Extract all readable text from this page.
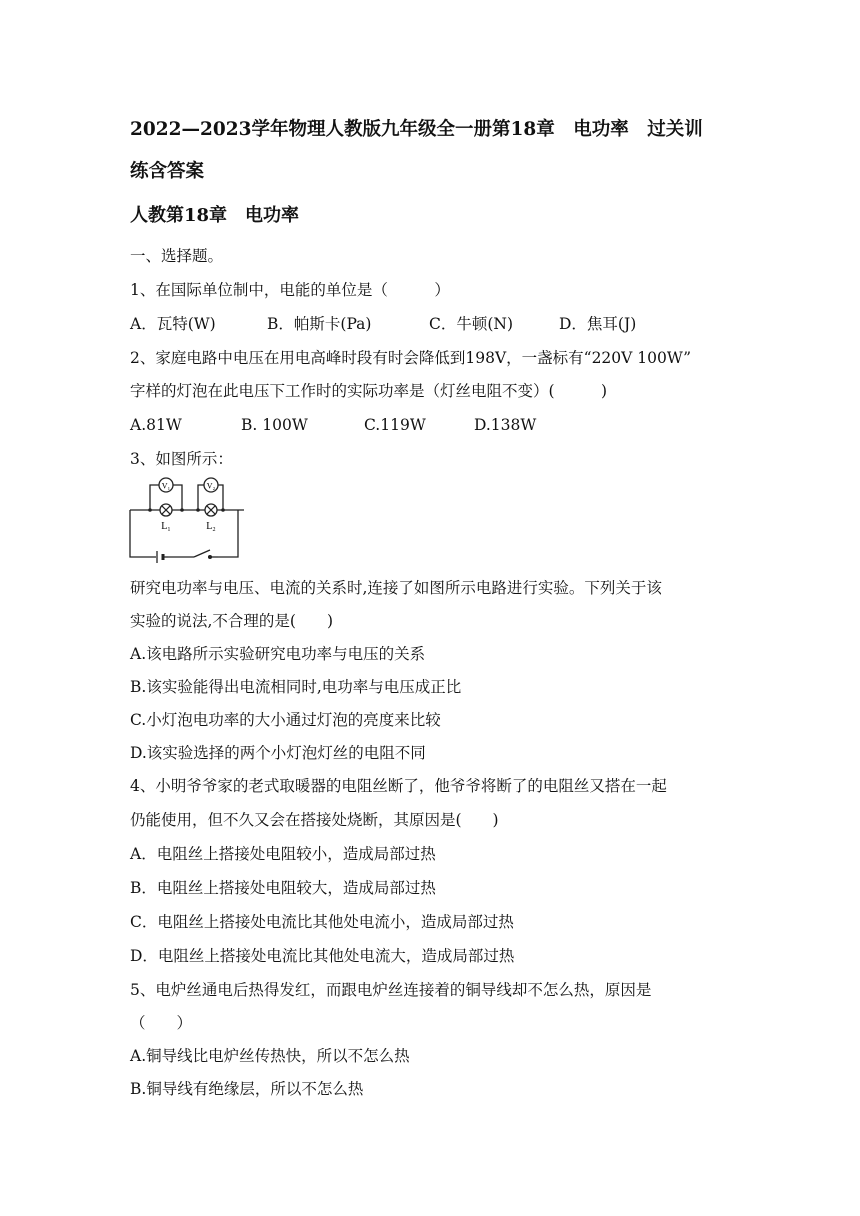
2022—2023学年物理人教版九年级全一册第18章　电功率　过关训
练含答案
人教第18章　电功率
一、选择题。
1、在国际单位制中，电能的单位是（　　　）
A．瓦特(W)	B．帕斯卡(Pa)	C．牛顿(N)	D．焦耳(J)
2、家庭电路中电压在用电高峰时段有时会降低到198V，一盏标有“220V 100W”
字样的灯泡在此电压下工作时的实际功率是（灯丝电阻不变）(　　　)
A.81W	B. 100W	C.119W	D.138W
3、如图所示：
V₁	V₂
L₁	L₂
研究电功率与电压、电流的关系时,连接了如图所示电路进行实验。下列关于该
实验的说法,不合理的是(　　)
A.该电路所示实验研究电功率与电压的关系
B.该实验能得出电流相同时,电功率与电压成正比
C.小灯泡电功率的大小通过灯泡的亮度来比较
D.该实验选择的两个小灯泡灯丝的电阻不同
4、小明爷爷家的老式取暖器的电阻丝断了，他爷爷将断了的电阻丝又搭在一起
仍能使用，但不久又会在搭接处烧断，其原因是(　　)
A．电阻丝上搭接处电阻较小，造成局部过热
B．电阻丝上搭接处电阻较大，造成局部过热
C．电阻丝上搭接处电流比其他处电流小，造成局部过热
D．电阻丝上搭接处电流比其他处电流大，造成局部过热
5、电炉丝通电后热得发红，而跟电炉丝连接着的铜导线却不怎么热，原因是
（　　）
A.铜导线比电炉丝传热快，所以不怎么热
B.铜导线有绝缘层，所以不怎么热
